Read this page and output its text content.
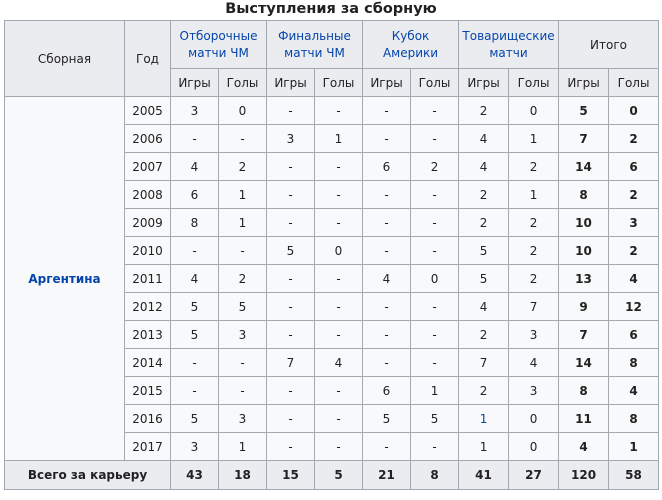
Выступления за сборную
Сборная	Год	Отборочные матчи ЧМ		Финальные матчи ЧМ		Кубок Америки		Товарищеские матчи		Итого	
		Игры	Голы	Игры	Голы	Игры	Голы	Игры	Голы	Игры	Голы
Аргентина	2005	3	0	-	-	-	-	2	0	5	0
	2006	-	-	3	1	-	-	4	1	7	2
	2007	4	2	-	-	6	2	4	2	14	6
	2008	6	1	-	-	-	-	2	1	8	2
	2009	8	1	-	-	-	-	2	2	10	3
	2010	-	-	5	0	-	-	5	2	10	2
	2011	4	2	-	-	4	0	5	2	13	4
	2012	5	5	-	-	-	-	4	7	9	12
	2013	5	3	-	-	-	-	2	3	7	6
	2014	-	-	7	4	-	-	7	4	14	8
	2015	-	-	-	-	6	1	2	3	8	4
	2016	5	3	-	-	5	5	1	0	11	8
	2017	3	1	-	-	-	-	1	0	4	1
Всего за карьеру		43	18	15	5	21	8	41	27	120	58
